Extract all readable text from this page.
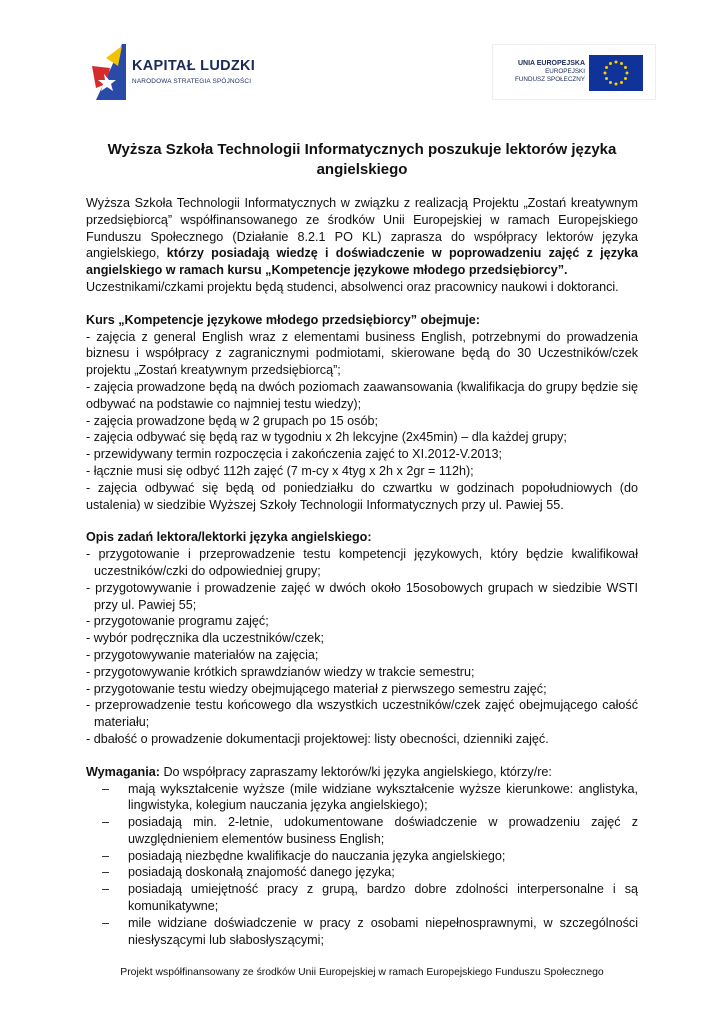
KAPITAŁ LUDZKI
NARODOWA STRATEGIA SPÓJNOŚCI
UNIA EUROPEJSKA
EUROPEJSKI
FUNDUSZ SPOŁECZNY
Wyższa Szkoła Technologii Informatycznych poszukuje lektorów języka angielskiego

Wyższa Szkoła Technologii Informatycznych w związku z realizacją Projektu „Zostań kreatywnym przedsiębiorcą” współfinansowanego ze środków Unii Europejskiej w ramach Europejskiego Funduszu Społecznego (Działanie 8.2.1 PO KL) zaprasza do współpracy lektorów języka angielskiego, którzy posiadają wiedzę i doświadczenie w poprowadzeniu zajęć z języka angielskiego w ramach kursu „Kompetencje językowe młodego przedsiębiorcy”.

Uczestnikami/czkami projektu będą studenci, absolwenci oraz pracownicy naukowi i doktoranci.

Kurs „Kompetencje językowe młodego przedsiębiorcy” obejmuje:

- zajęcia z general English wraz z elementami business English, potrzebnymi do prowadzenia biznesu i współpracy z zagranicznymi podmiotami, skierowane będą do 30 Uczestników/czek projektu „Zostań kreatywnym przedsiębiorcą”;

- zajęcia prowadzone będą na dwóch poziomach zaawansowania (kwalifikacja do grupy będzie się odbywać na podstawie co najmniej testu wiedzy);

- zajęcia prowadzone będą w 2 grupach po 15 osób;

- zajęcia odbywać się będą raz w tygodniu x 2h lekcyjne (2x45min) – dla każdej grupy;

- przewidywany termin rozpoczęcia i zakończenia zajęć to XI.2012-V.2013;

- łącznie musi się odbyć 112h zajęć (7 m-cy x 4tyg x 2h x 2gr = 112h);

- zajęcia odbywać się będą od poniedziałku do czwartku w godzinach popołudniowych (do ustalenia) w siedzibie Wyższej Szkoły Technologii Informatycznych przy ul. Pawiej 55.

Opis zadań lektora/lektorki języka angielskiego:

- przygotowanie i przeprowadzenie testu kompetencji językowych, który będzie kwalifikował uczestników/czki do odpowiedniej grupy;

- przygotowywanie i prowadzenie zajęć w dwóch około 15osobowych grupach w siedzibie WSTI przy ul. Pawiej 55;

- przygotowanie programu zajęć;

- wybór podręcznika dla uczestników/czek;

- przygotowywanie materiałów na zajęcia;

- przygotowywanie krótkich sprawdzianów wiedzy w trakcie semestru;

- przygotowanie testu wiedzy obejmującego materiał z pierwszego semestru zajęć;

- przeprowadzenie testu końcowego dla wszystkich uczestników/czek zajęć obejmującego całość materiału;

- dbałość o prowadzenie dokumentacji projektowej: listy obecności, dzienniki zajęć.

Wymagania: Do współpracy zapraszamy lektorów/ki języka angielskiego, którzy/re:

– mają wykształcenie wyższe (mile widziane wykształcenie wyższe kierunkowe: anglistyka, lingwistyka, kolegium nauczania języka angielskiego);
– posiadają min. 2-letnie, udokumentowane doświadczenie w prowadzeniu zajęć z uwzględnieniem elementów business English;
– posiadają niezbędne kwalifikacje do nauczania języka angielskiego;
– posiadają doskonałą znajomość danego języka;
– posiadają umiejętność pracy z grupą, bardzo dobre zdolności interpersonalne i są komunikatywne;
– mile widziane doświadczenie w pracy z osobami niepełnosprawnymi, w szczególności niesłyszącymi lub słabosłyszącymi;
Projekt współfinansowany ze środków Unii Europejskiej w ramach Europejskiego Funduszu Społecznego
